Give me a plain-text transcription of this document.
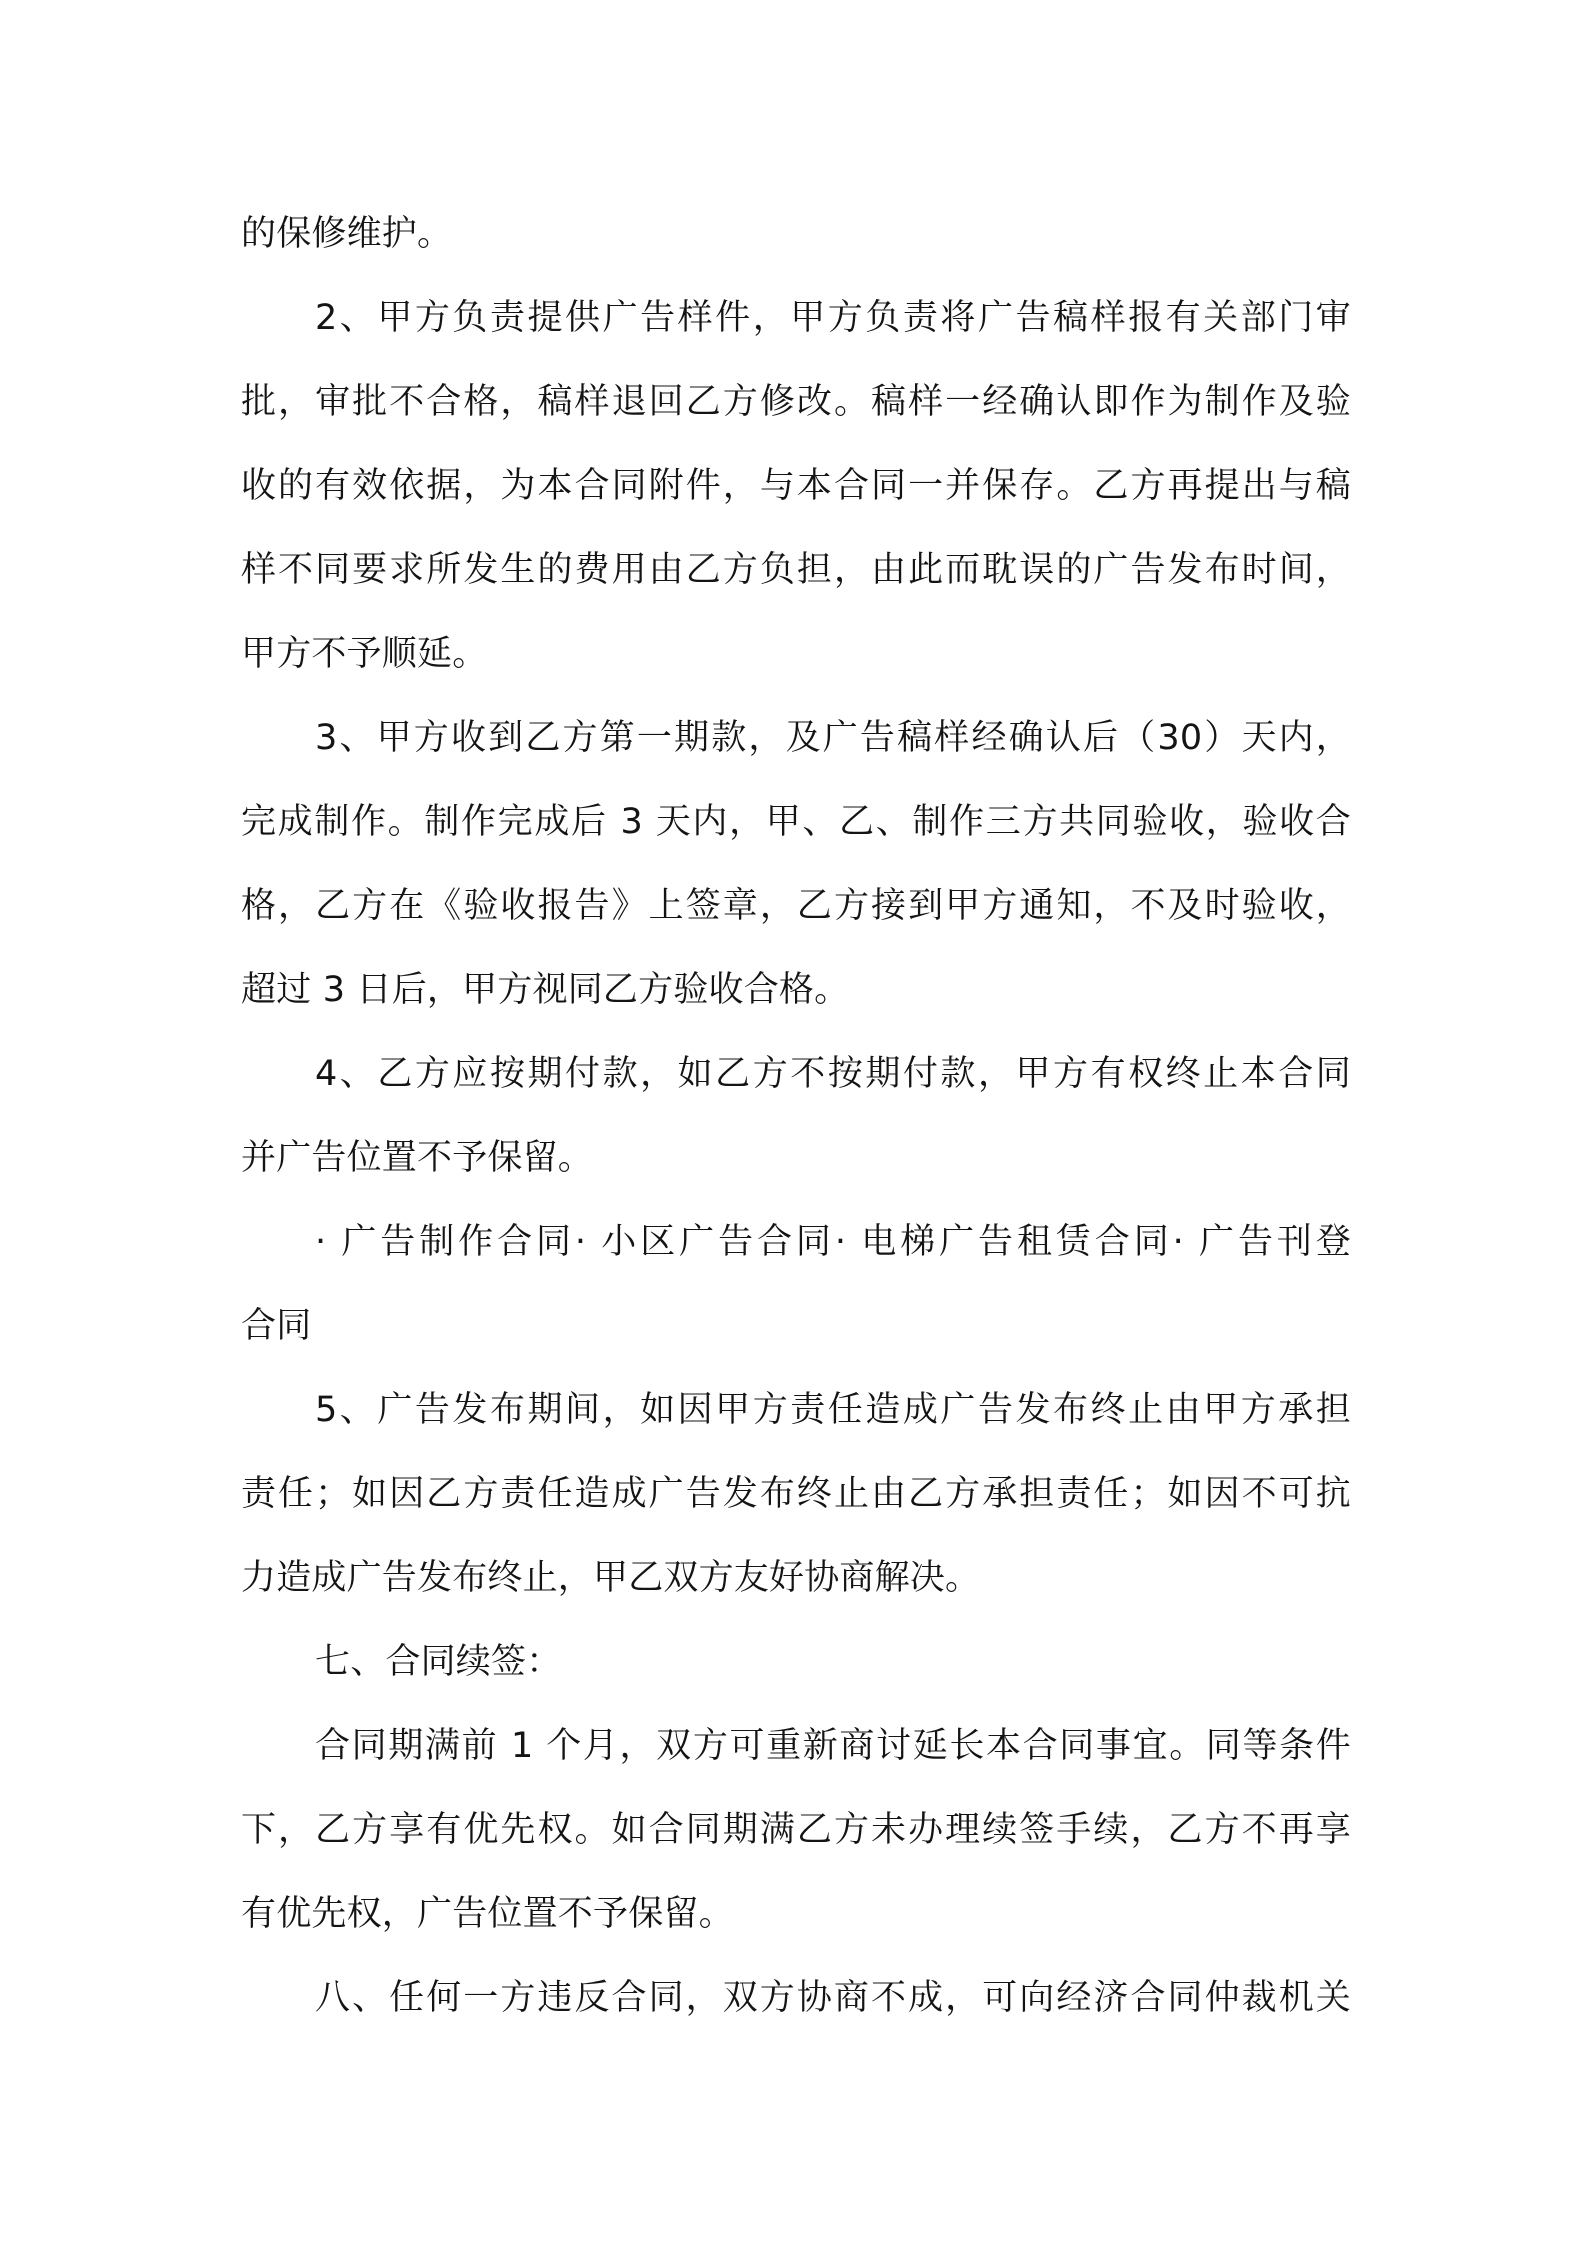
的保修维护。
2、甲方负责提供广告样件，甲方负责将广告稿样报有关部门审
批，审批不合格，稿样退回乙方修改。稿样一经确认即作为制作及验
收的有效依据，为本合同附件，与本合同一并保存。乙方再提出与稿
样不同要求所发生的费用由乙方负担，由此而耽误的广告发布时间，
甲方不予顺延。
3、甲方收到乙方第一期款，及广告稿样经确认后（30）天内，
完成制作。制作完成后 3 天内，甲、乙、制作三方共同验收，验收合
格，乙方在《验收报告》上签章，乙方接到甲方通知，不及时验收，
超过 3 日后，甲方视同乙方验收合格。
4、乙方应按期付款，如乙方不按期付款，甲方有权终止本合同
并广告位置不予保留。
· 广告制作合同· 小区广告合同· 电梯广告租赁合同· 广告刊登
合同
5、广告发布期间，如因甲方责任造成广告发布终止由甲方承担
责任；如因乙方责任造成广告发布终止由乙方承担责任；如因不可抗
力造成广告发布终止，甲乙双方友好协商解决。
七、合同续签：
合同期满前 1 个月，双方可重新商讨延长本合同事宜。同等条件
下，乙方享有优先权。如合同期满乙方未办理续签手续，乙方不再享
有优先权，广告位置不予保留。
八、任何一方违反合同，双方协商不成，可向经济合同仲裁机关
